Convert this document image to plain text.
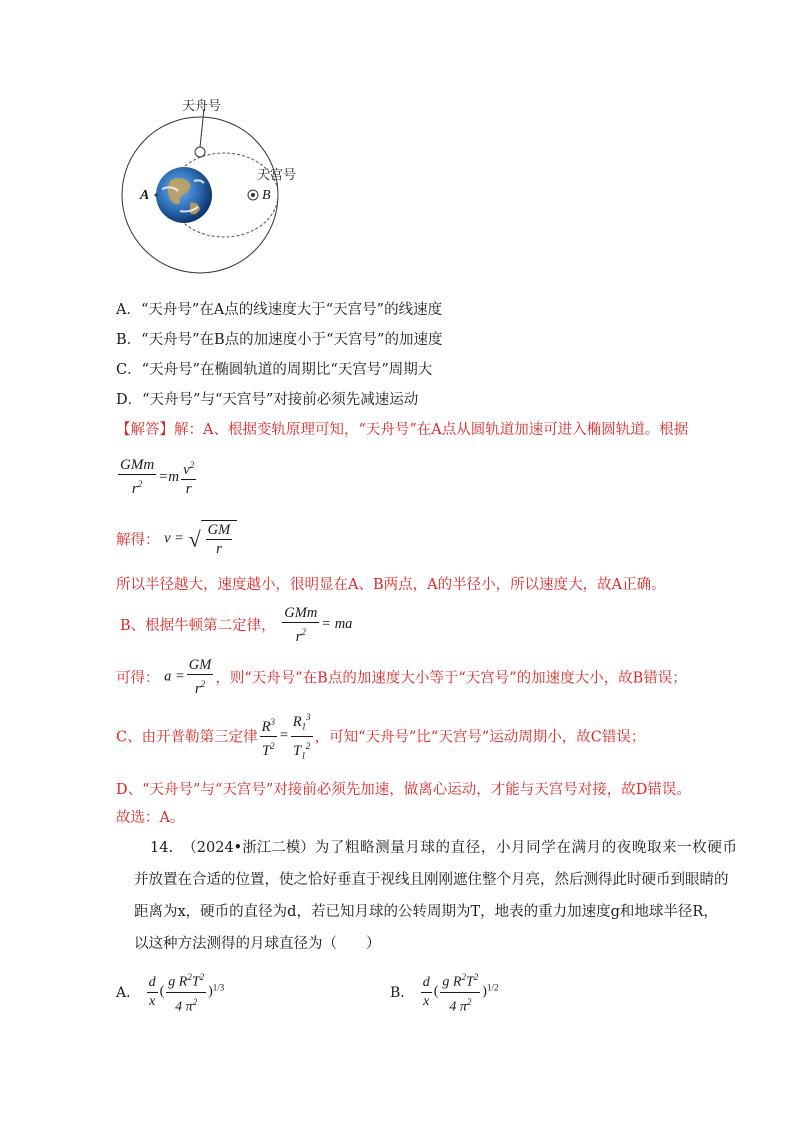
天舟号
天宫号
A	B
A．“天舟号”在A点的线速度大于“天宫号”的线速度
B．“天舟号”在B点的加速度小于“天宫号”的加速度
C．“天舟号”在椭圆轨道的周期比“天宫号”周期大
D．“天舟号”与“天宫号”对接前必须先减速运动
【解答】解：A、根据变轨原理可知，“天舟号”在A点从圆轨道加速可进入椭圆轨道。根据
$\frac{\text{GMm}}{r^2} =m \frac{v^2}{r}$
解得： v = √ $\frac{GM}{r}$
所以半径越大，速度越小，很明显在A、B两点，A的半径小，所以速度大，故A正确。
B、根据牛顿第二定律， $\frac{\text{GMm}}{r^2}$ = ma
可得： $a = \frac{GM}{r^2}$ ，则“天舟号”在B点的加速度大小等于“天宫号”的加速度大小，故B错误；
C、由开普勒第三定律 $\frac{R^3}{T^2} = \frac{R_1^3}{T_1^2}$ ，可知“天舟号”比“天宫号”运动周期小，故C错误；
D、“天舟号”与“天宫号”对接前必须先加速，做离心运动，才能与天宫号对接，故D错误。
故选：A。
14. （2024•浙江二模）为了粗略测量月球的直径，小月同学在满月的夜晚取来一枚硬币
并放置在合适的位置，使之恰好垂直于视线且刚刚遮住整个月亮，然后测得此时硬币到眼睛的
距离为x，硬币的直径为d，若已知月球的公转周期为T，地表的重力加速度g和地球半径R，
以这种方法测得的月球直径为（　　）
A． $\frac{d}{x}$ ( $\frac{g R^2T^2}{4 \pi^2} )^{1/3}$	B． $\frac{d}{x}$ ( $\frac{g R^2T^2}{4 \pi^2} )^{1/2}$
